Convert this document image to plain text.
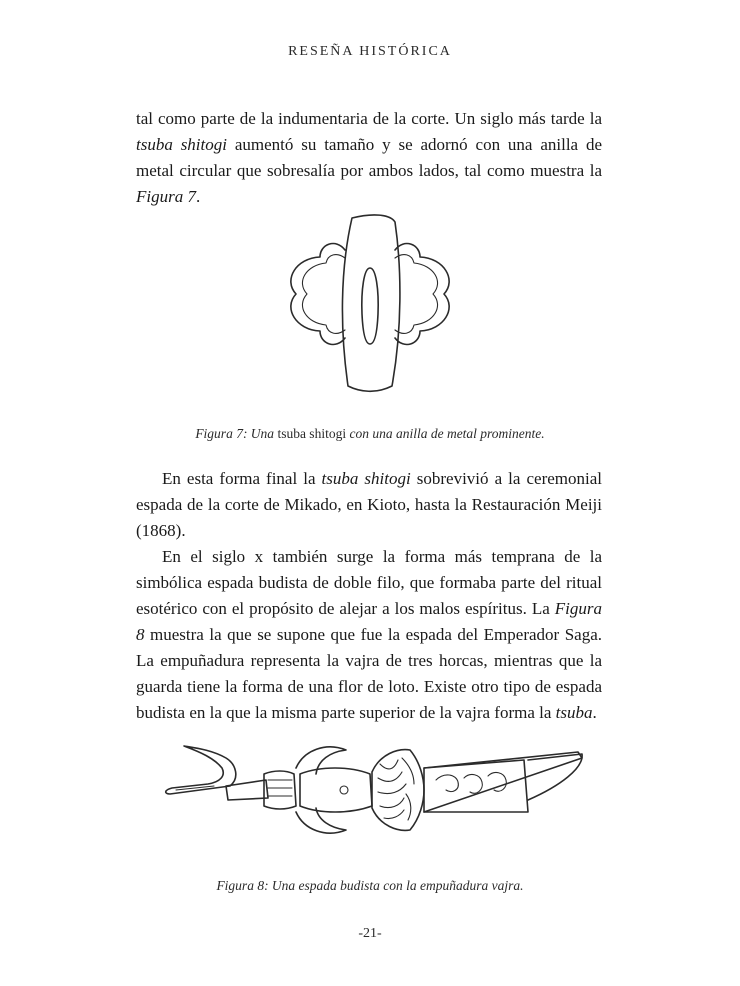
RESEÑA HISTÓRICA

tal como parte de la indumentaria de la corte. Un siglo más tarde la tsuba shitogi aumentó su tamaño y se adornó con una anilla de metal circular que sobresalía por ambos lados, tal como muestra la Figura 7.

Figura 7: Una tsuba shitogi con una anilla de metal prominente.

En esta forma final la tsuba shitogi sobrevivió a la ceremonial espada de la corte de Mikado, en Kioto, hasta la Restauración Meiji (1868).

En el siglo x también surge la forma más temprana de la simbólica espada budista de doble filo, que formaba parte del ritual esotérico con el propósito de alejar a los malos espíritus. La Figura 8 muestra la que se supone que fue la espada del Emperador Saga. La empuñadura representa la vajra de tres horcas, mientras que la guarda tiene la forma de una flor de loto. Existe otro tipo de espada budista en la que la misma parte superior de la vajra forma la tsuba.

Figura 8: Una espada budista con la empuñadura vajra.
-21-
